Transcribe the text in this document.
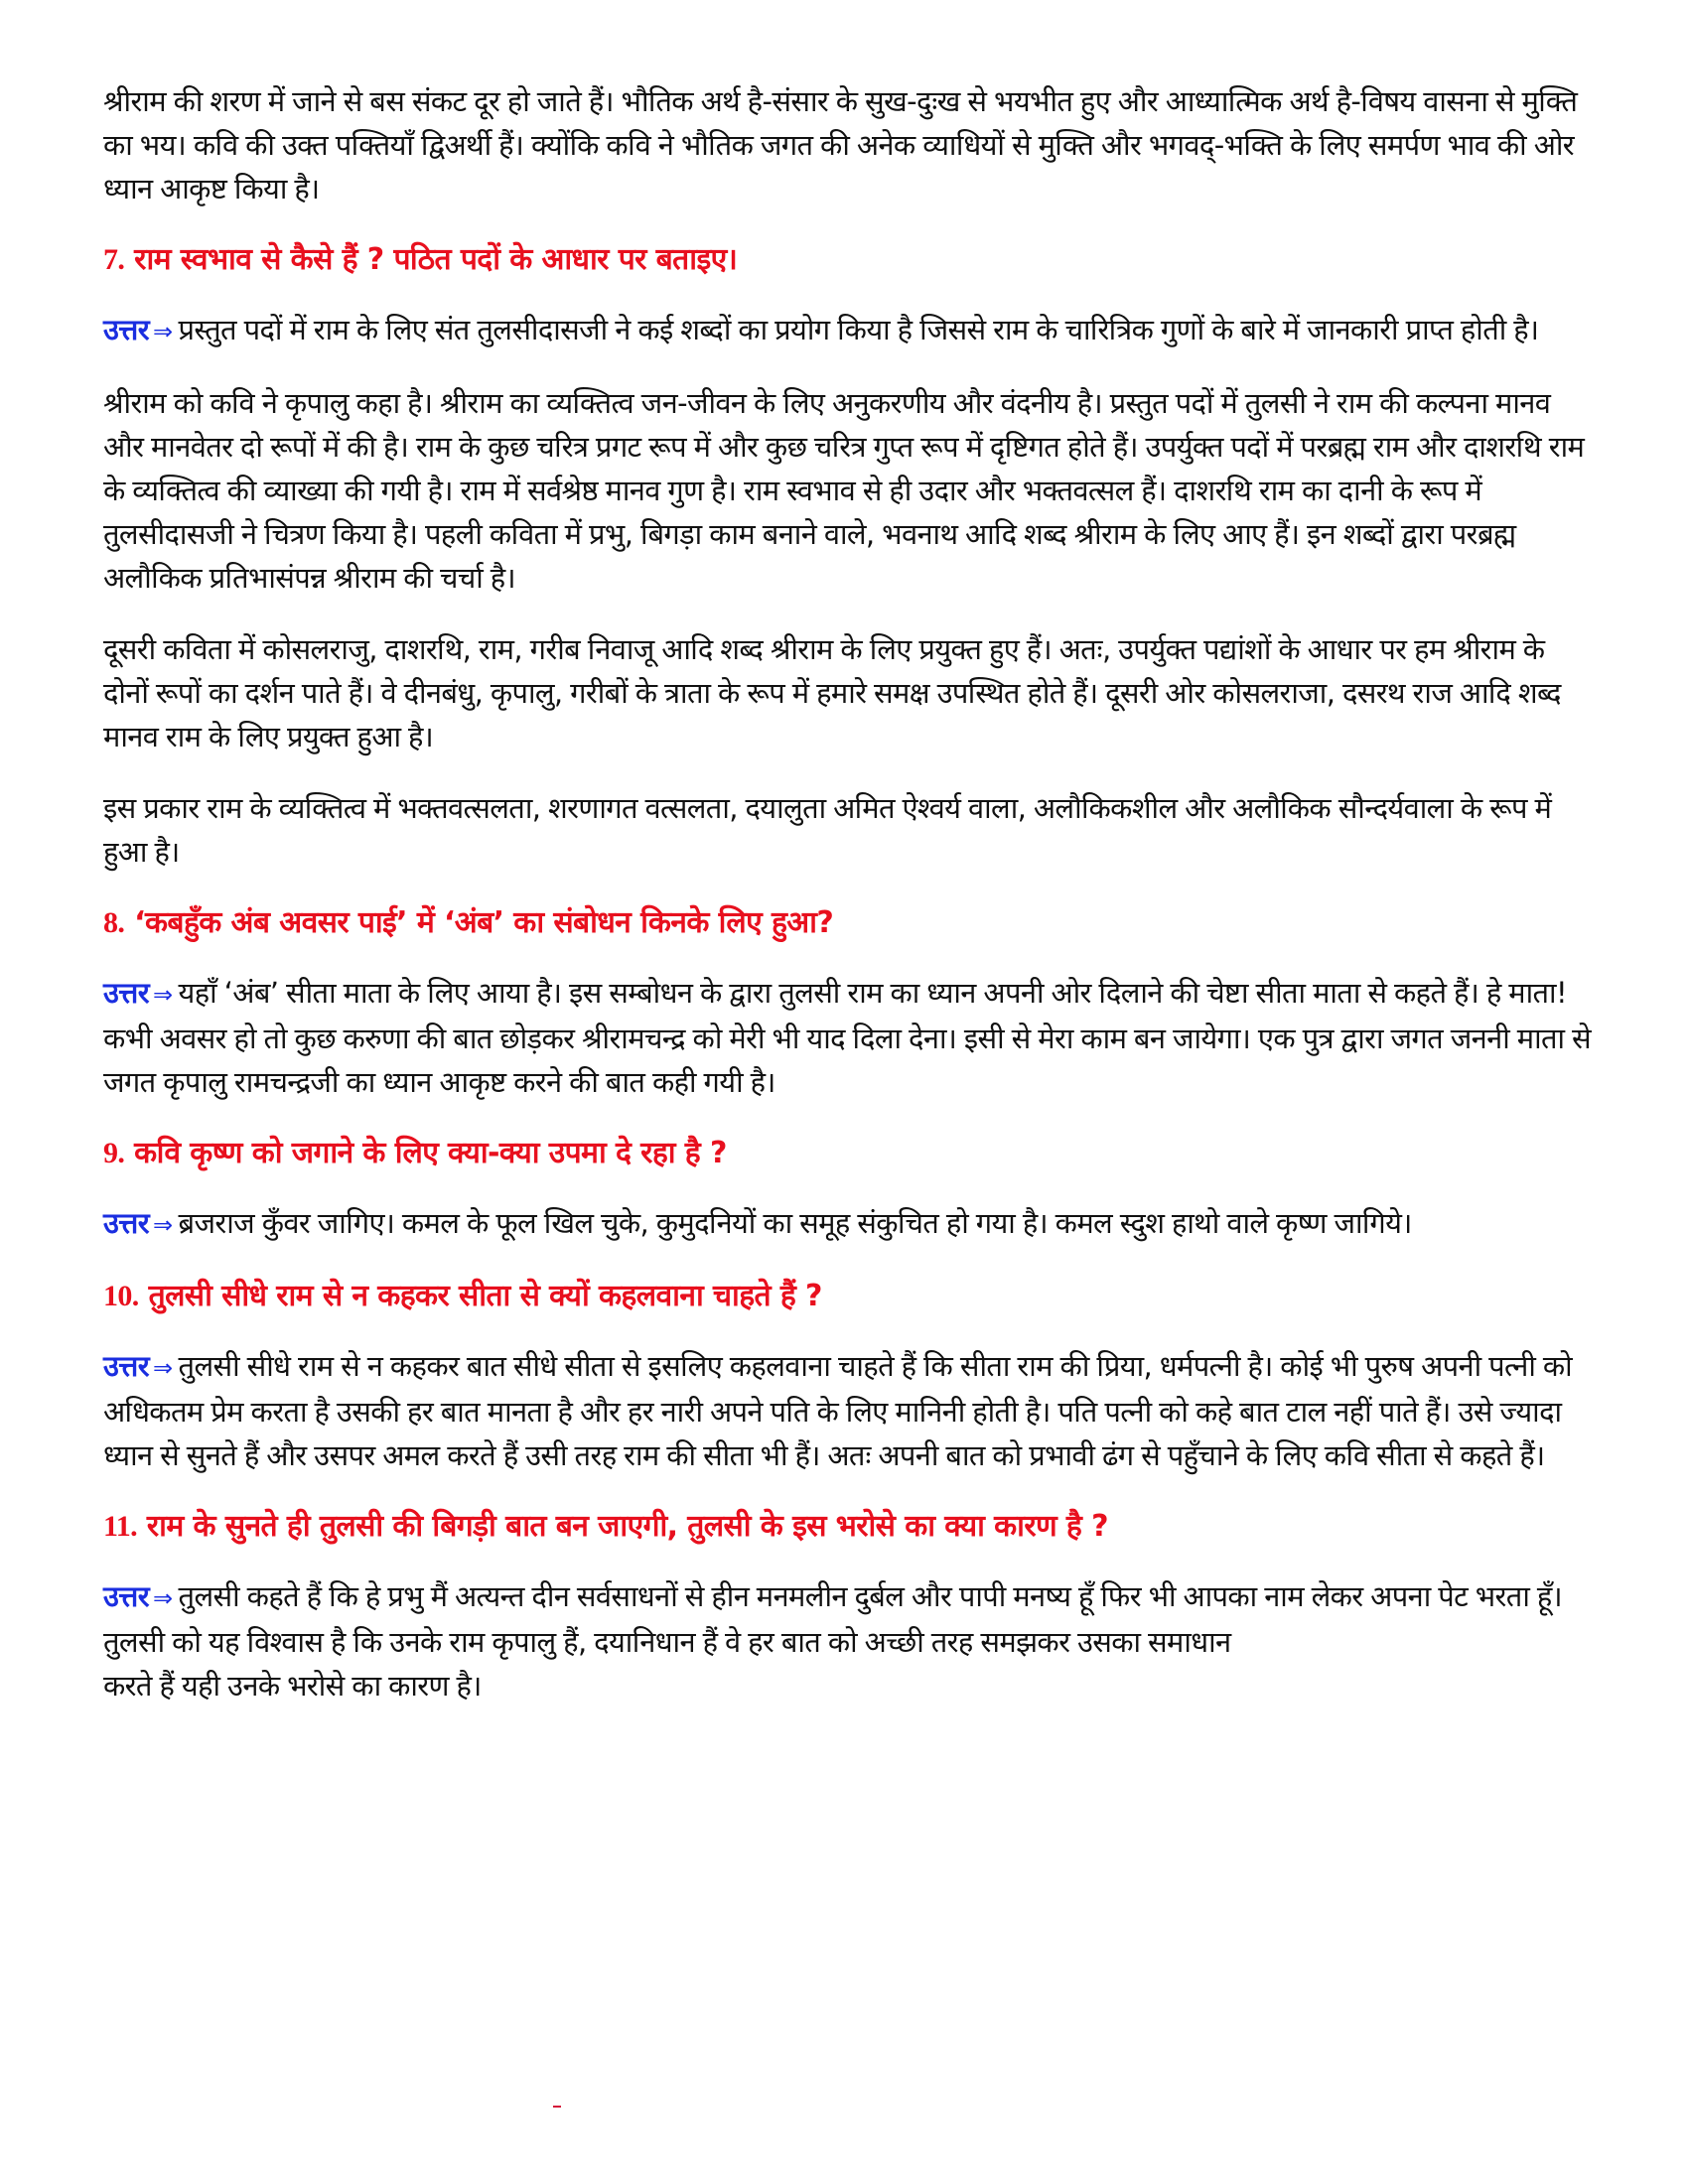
श्रीराम की शरण में जाने से बस संकट दूर हो जाते हैं। भौतिक अर्थ है-संसार के सुख-दुःख से भयभीत हुए और आध्यात्मिक अर्थ है-विषय वासना से मुक्ति का भय। कवि की उक्त पक्तियाँ द्विअर्थी हैं। क्योंकि कवि ने भौतिक जगत की अनेक व्याधियों से मुक्ति और भगवद्-भक्ति के लिए समर्पण भाव की ओर ध्यान आकृष्ट किया है।

7. राम स्वभाव से कैसे हैं ? पठित पदों के आधार पर बताइए।

उत्तर ⇒ प्रस्तुत पदों में राम के लिए संत तुलसीदासजी ने कई शब्दों का प्रयोग किया है जिससे राम के चारित्रिक गुणों के बारे में जानकारी प्राप्त होती है।

श्रीराम को कवि ने कृपालु कहा है। श्रीराम का व्यक्तित्व जन-जीवन के लिए अनुकरणीय और वंदनीय है। प्रस्तुत पदों में तुलसी ने राम की कल्पना मानव और मानवेतर दो रूपों में की है। राम के कुछ चरित्र प्रगट रूप में और कुछ चरित्र गुप्त रूप में दृष्टिगत होते हैं। उपर्युक्त पदों में परब्रह्म राम और दाशरथि राम के व्यक्तित्व की व्याख्या की गयी है। राम में सर्वश्रेष्ठ मानव गुण है। राम स्वभाव से ही उदार और भक्तवत्सल हैं। दाशरथि राम का दानी के रूप में तुलसीदासजी ने चित्रण किया है। पहली कविता में प्रभु, बिगड़ा काम बनाने वाले, भवनाथ आदि शब्द श्रीराम के लिए आए हैं। इन शब्दों द्वारा परब्रह्म अलौकिक प्रतिभासंपन्न श्रीराम की चर्चा है।

दूसरी कविता में कोसलराजु, दाशरथि, राम, गरीब निवाजू आदि शब्द श्रीराम के लिए प्रयुक्त हुए हैं। अतः, उपर्युक्त पद्यांशों के आधार पर हम श्रीराम के दोनों रूपों का दर्शन पाते हैं। वे दीनबंधु, कृपालु, गरीबों के त्राता के रूप में हमारे समक्ष उपस्थित होते हैं। दूसरी ओर कोसलराजा, दसरथ राज आदि शब्द मानव राम के लिए प्रयुक्त हुआ है।

इस प्रकार राम के व्यक्तित्व में भक्तवत्सलता, शरणागत वत्सलता, दयालुता अमित ऐश्वर्य वाला, अलौकिकशील और अलौकिक सौन्दर्यवाला के रूप में हुआ है।

8. ‘कबहुँक अंब अवसर पाई’ में ‘अंब’ का संबोधन किनके लिए हुआ?

उत्तर ⇒ यहाँ ‘अंब’ सीता माता के लिए आया है। इस सम्बोधन के द्वारा तुलसी राम का ध्यान अपनी ओर दिलाने की चेष्टा सीता माता से कहते हैं। हे माता! कभी अवसर हो तो कुछ करुणा की बात छोड़कर श्रीरामचन्द्र को मेरी भी याद दिला देना। इसी से मेरा काम बन जायेगा। एक पुत्र द्वारा जगत जननी माता से जगत कृपालु रामचन्द्रजी का ध्यान आकृष्ट करने की बात कही गयी है।

9. कवि कृष्ण को जगाने के लिए क्या-क्या उपमा दे रहा है ?

उत्तर ⇒ ब्रजराज कुँवर जागिए। कमल के फूल खिल चुके, कुमुदनियों का समूह संकुचित हो गया है। कमल स्दुश हाथो वाले कृष्ण जागिये।

10. तुलसी सीधे राम से न कहकर सीता से क्यों कहलवाना चाहते हैं ?

उत्तर ⇒ तुलसी सीधे राम से न कहकर बात सीधे सीता से इसलिए कहलवाना चाहते हैं कि सीता राम की प्रिया, धर्मपत्नी है। कोई भी पुरुष अपनी पत्नी को अधिकतम प्रेम करता है उसकी हर बात मानता है और हर नारी अपने पति के लिए मानिनी होती है। पति पत्नी को कहे बात टाल नहीं पाते हैं। उसे ज्यादा ध्यान से सुनते हैं और उसपर अमल करते हैं उसी तरह राम की सीता भी हैं। अतः अपनी बात को प्रभावी ढंग से पहुँचाने के लिए कवि सीता से कहते हैं।

11. राम के सुनते ही तुलसी की बिगड़ी बात बन जाएगी, तुलसी के इस भरोसे का क्या कारण है ?

उत्तर ⇒ तुलसी कहते हैं कि हे प्रभु मैं अत्यन्त दीन सर्वसाधनों से हीन मनमलीन दुर्बल और पापी मनष्य हूँ फिर भी आपका नाम लेकर अपना पेट भरता हूँ। तुलसी को यह विश्वास है कि उनके राम कृपालु हैं, दयानिधान हैं वे हर बात को अच्छी तरह समझकर उसका समाधान
करते हैं यही उनके भरोसे का कारण है।
